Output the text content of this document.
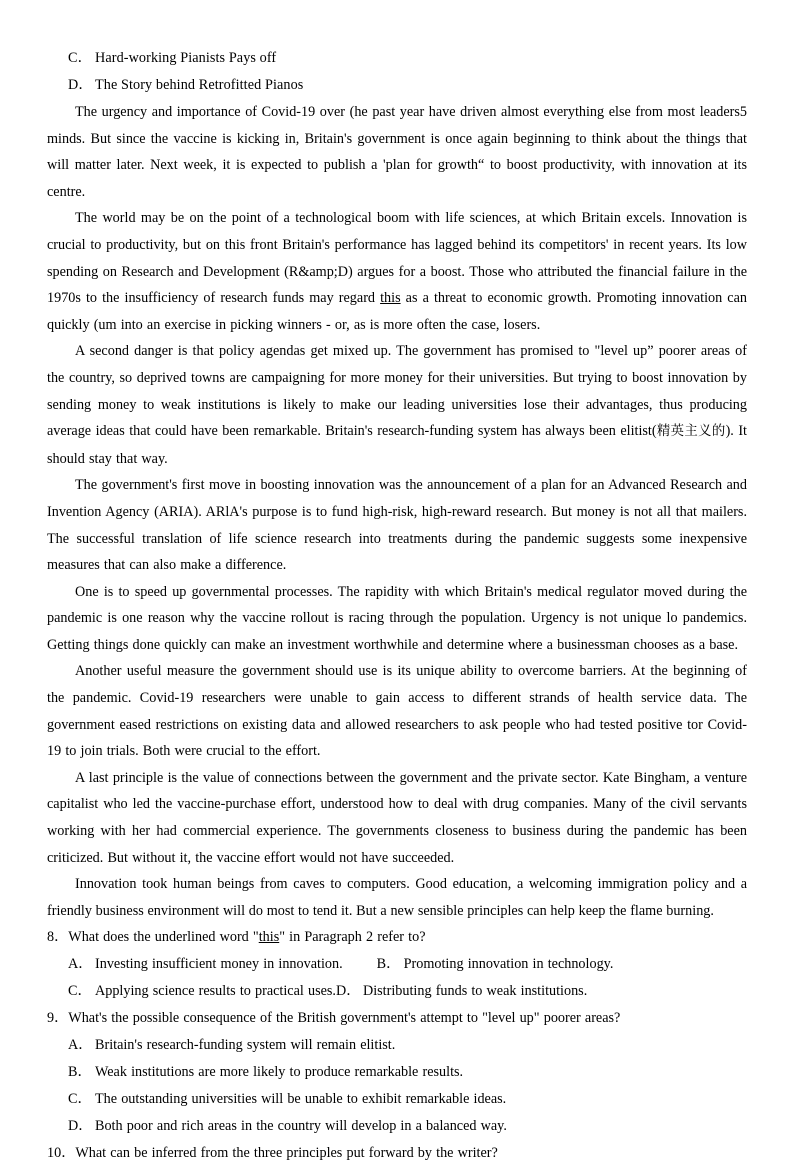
C． Hard-working Pianists Pays off
D． The Story behind Retrofitted Pianos

The urgency and importance of Covid-19 over (he past year have driven almost everything else from most leaders5 minds. But since the vaccine is kicking in, Britain's government is once again beginning to think about the things that will matter later. Next week, it is expected to publish a 'plan for growth“ to boost productivity, with innovation at its centre.

The world may be on the point of a technological boom with life sciences, at which Britain excels. Innovation is crucial to productivity, but on this front Britain's performance has lagged behind its competitors' in recent years. Its low spending on Research and Development (R&amp;D) argues for a boost. Those who attributed the financial failure in the 1970s to the insufficiency of research funds may regard this as a threat to economic growth. Promoting innovation can quickly (um into an exercise in picking winners - or, as is more often the case, losers.

A second danger is that policy agendas get mixed up. The government has promised to "level up” poorer areas of the country, so deprived towns are campaigning for more money for their universities. But trying to boost innovation by sending money to weak institutions is likely to make our leading universities lose their advantages, thus producing average ideas that could have been remarkable. Britain's research-funding system has always been elitist(精英主义的). It should stay that way.

The government's first move in boosting innovation was the announcement of a plan for an Advanced Research and Invention Agency (ARIA). ARlA's purpose is to fund high-risk, high-reward research. But money is not all that mailers. The successful translation of life science research into treatments during the pandemic suggests some inexpensive measures that can also make a difference.

One is to speed up governmental processes. The rapidity with which Britain's medical regulator moved during the pandemic is one reason why the vaccine rollout is racing through the population. Urgency is not unique lo pandemics. Getting things done quickly can make an investment worthwhile and determine where a businessman chooses as a base.

Another useful measure the government should use is its unique ability to overcome barriers. At the beginning of the pandemic. Covid-19 researchers were unable to gain access to different strands of health service data. The government eased restrictions on existing data and allowed researchers to ask people who had tested positive tor Covid-19 to join trials. Both were crucial to the effort.

A last principle is the value of connections between the government and the private sector. Kate Bingham, a venture capitalist who led the vaccine-purchase effort, understood how to deal with drug companies. Many of the civil servants working with her had commercial experience. The governments closeness to business during the pandemic has been criticized. But without it, the vaccine effort would not have succeeded.

Innovation took human beings from caves to computers. Good education, a welcoming immigration policy and a friendly business environment will do most to tend it. But a new sensible principles can help keep the flame burning.

8．What does the underlined word "this" in Paragraph 2 refer to?
A． Investing insufficient money in innovation. B． Promoting innovation in technology.
C． Applying science results to practical uses.D． Distributing funds to weak institutions.
9．What's the possible consequence of the British government's attempt to "level up" poorer areas?
A． Britain's research-funding system will remain elitist.
B． Weak institutions are more likely to produce remarkable results.
C． The outstanding universities will be unable to exhibit remarkable ideas.
D． Both poor and rich areas in the country will develop in a balanced way.
10．What can be inferred from the three principles put forward by the writer?
